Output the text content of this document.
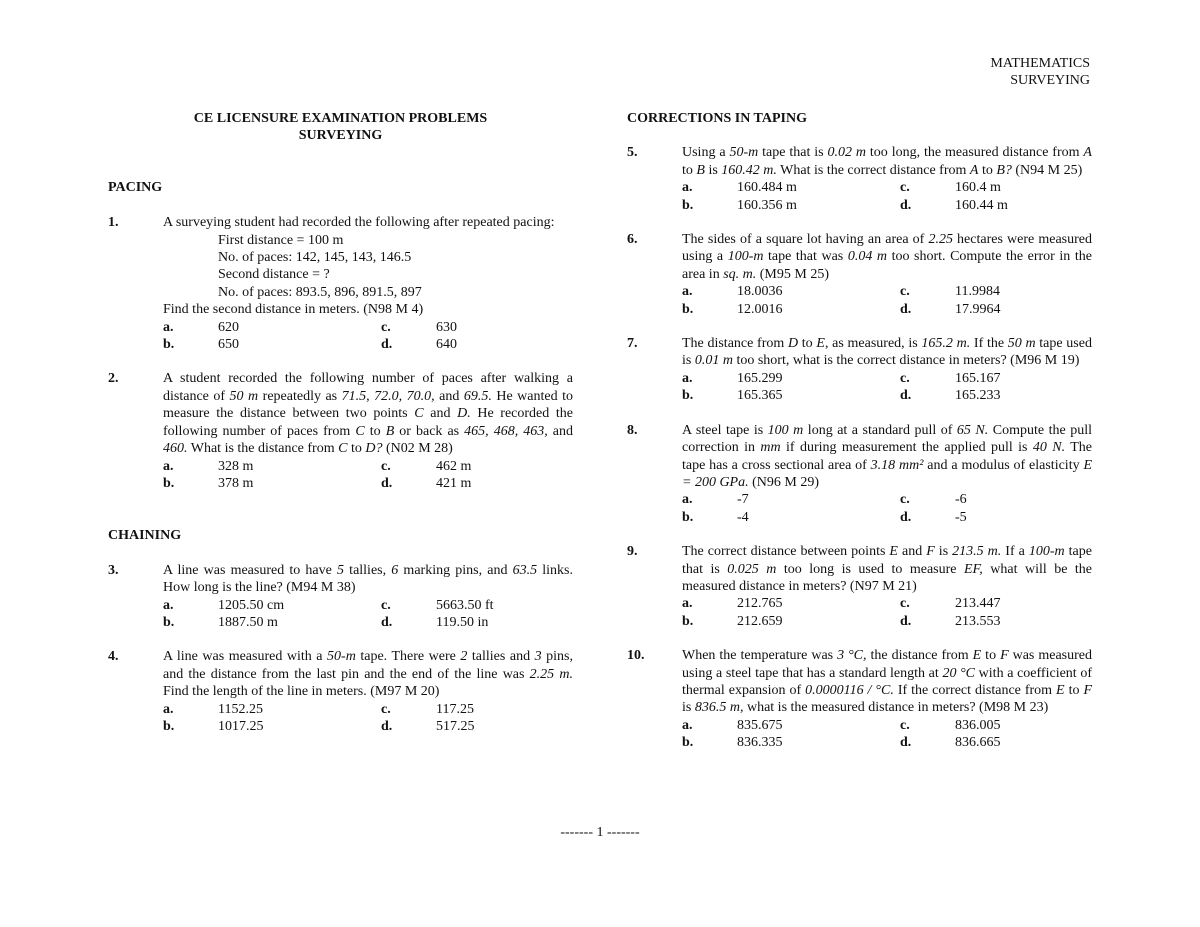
MATHEMATICS
SURVEYING
CE LICENSURE EXAMINATION PROBLEMS
SURVEYING
PACING
1.	A surveying student had recorded the following after repeated pacing:
First distance = 100 m
No. of paces: 142, 145, 143, 146.5
Second distance = ?
No. of paces: 893.5, 896, 891.5, 897
Find the second distance in meters. (N98 M 4)
a.	620	c.	630
b.	650	d.	640
2.	A student recorded the following number of paces after walking a distance of 50 m repeatedly as 71.5, 72.0, 70.0, and 69.5. He wanted to measure the distance between two points C and D. He recorded the following number of paces from C to B or back as 465, 468, 463, and 460. What is the distance from C to D? (N02 M 28)
a.	328 m	c.	462 m
b.	378 m	d.	421 m
CHAINING
3.	A line was measured to have 5 tallies, 6 marking pins, and 63.5 links. How long is the line? (M94 M 38)
a.	1205.50 cm	c.	5663.50 ft
b.	1887.50 m	d.	119.50 in
4.	A line was measured with a 50-m tape. There were 2 tallies and 3 pins, and the distance from the last pin and the end of the line was 2.25 m. Find the length of the line in meters. (M97 M 20)
a.	1152.25	c.	117.25
b.	1017.25	d.	517.25
CORRECTIONS IN TAPING
5.	Using a 50-m tape that is 0.02 m too long, the measured distance from A to B is 160.42 m. What is the correct distance from A to B? (N94 M 25)
a.	160.484 m	c.	160.4 m
b.	160.356 m	d.	160.44 m
6.	The sides of a square lot having an area of 2.25 hectares were measured using a 100-m tape that was 0.04 m too short. Compute the error in the area in sq. m. (M95 M 25)
a.	18.0036	c.	11.9984
b.	12.0016	d.	17.9964
7.	The distance from D to E, as measured, is 165.2 m. If the 50 m tape used is 0.01 m too short, what is the correct distance in meters? (M96 M 19)
a.	165.299	c.	165.167
b.	165.365	d.	165.233
8.	A steel tape is 100 m long at a standard pull of 65 N. Compute the pull correction in mm if during measurement the applied pull is 40 N. The tape has a cross sectional area of 3.18 mm² and a modulus of elasticity E = 200 GPa. (N96 M 29)
a.	-7	c.	-6
b.	-4	d.	-5
9.	The correct distance between points E and F is 213.5 m. If a 100-m tape that is 0.025 m too long is used to measure EF, what will be the measured distance in meters? (N97 M 21)
a.	212.765	c.	213.447
b.	212.659	d.	213.553
10.	When the temperature was 3 °C, the distance from E to F was measured using a steel tape that has a standard length at 20 °C with a coefficient of thermal expansion of 0.0000116 / °C. If the correct distance from E to F is 836.5 m, what is the measured distance in meters? (M98 M 23)
a.	835.675	c.	836.005
b.	836.335	d.	836.665
------- 1 -------
